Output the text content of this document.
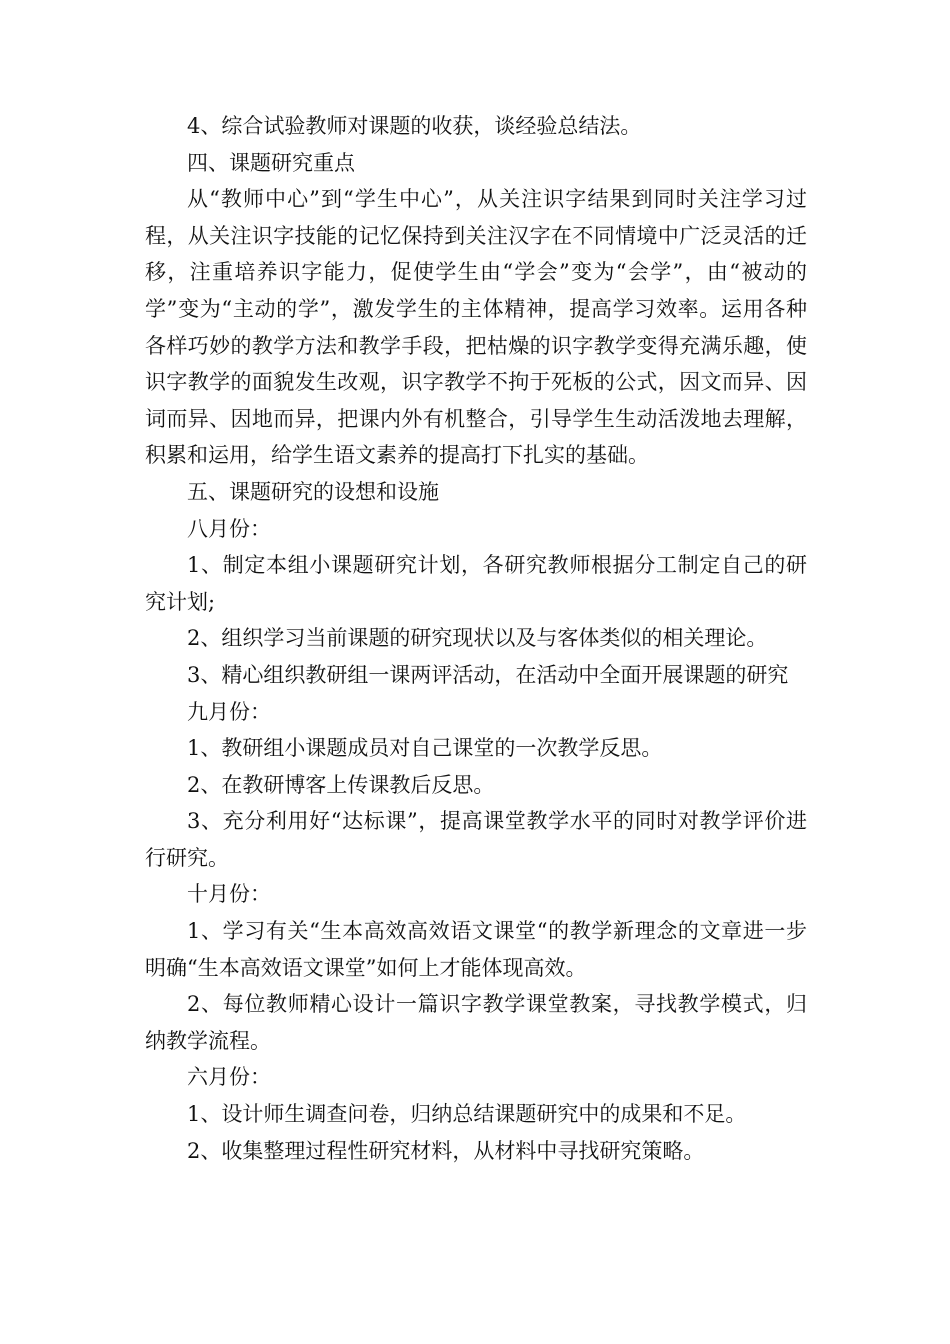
4、综合试验教师对课题的收获，谈经验总结法。

四、课题研究重点

从“教师中心”到“学生中心”，从关注识字结果到同时关注学习过程，从关注识字技能的记忆保持到关注汉字在不同情境中广泛灵活的迁移，注重培养识字能力，促使学生由“学会”变为“会学”，由“被动的学”变为“主动的学”，激发学生的主体精神，提高学习效率。运用各种各样巧妙的教学方法和教学手段，把枯燥的识字教学变得充满乐趣，使识字教学的面貌发生改观，识字教学不拘于死板的公式，因文而异、因词而异、因地而异，把课内外有机整合，引导学生生动活泼地去理解，积累和运用，给学生语文素养的提高打下扎实的基础。

五、课题研究的设想和设施

八月份：

1、制定本组小课题研究计划，各研究教师根据分工制定自己的研究计划;

2、组织学习当前课题的研究现状以及与客体类似的相关理论。

3、精心组织教研组一课两评活动，在活动中全面开展课题的研究

九月份：

1、教研组小课题成员对自己课堂的一次教学反思。

2、在教研博客上传课教后反思。

3、充分利用好“达标课”，提高课堂教学水平的同时对教学评价进行研究。

十月份：

1、学习有关“生本高效高效语文课堂“的教学新理念的文章进一步明确“生本高效语文课堂”如何上才能体现高效。

2、每位教师精心设计一篇识字教学课堂教案，寻找教学模式，归纳教学流程。

六月份：

1、设计师生调查问卷，归纳总结课题研究中的成果和不足。

2、收集整理过程性研究材料，从材料中寻找研究策略。
